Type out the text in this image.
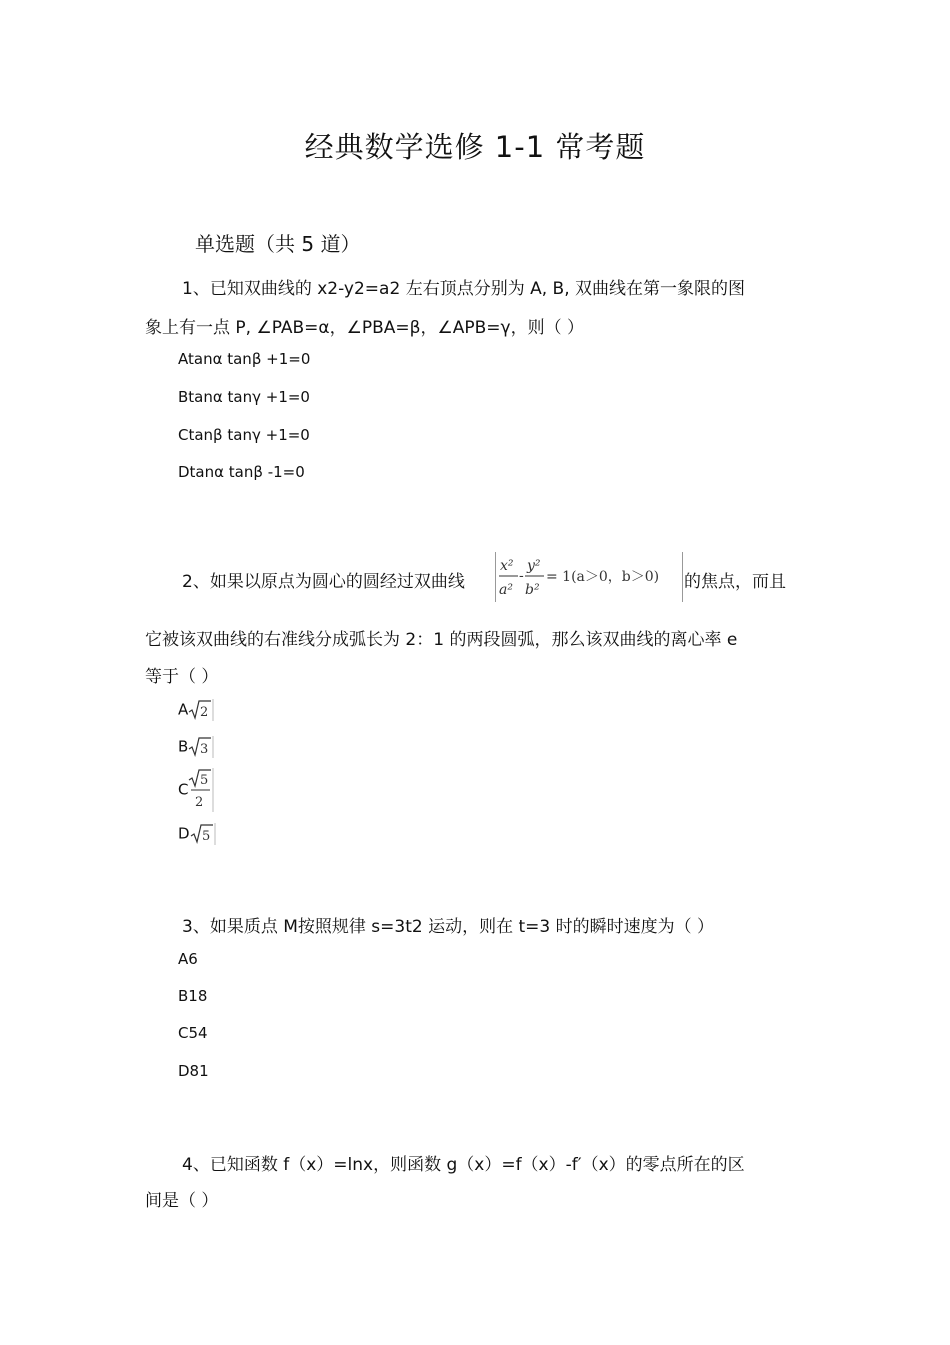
经典数学选修 1-1 常考题
单选题（共 5 道）
1、已知双曲线的 x2-y2=a2 左右顶点分别为 A, B, 双曲线在第一象限的图
象上有一点 P, ∠PAB=α，∠PBA=β，∠APB=γ，则（ ）
Atanα tanβ +1=0
Btanα tanγ +1=0
Ctanβ tanγ +1=0
Dtanα tanβ -1=0
2、如果以原点为圆心的圆经过双曲线
x²
a²
-
y²
b²
= 1(a＞0，b＞0) 的焦点，而且
它被该双曲线的右准线分成弧长为 2：1 的两段圆弧，那么该双曲线的离心率 e
等于（ ）
A 2
B 3
C 5
2
D 5
3、如果质点 M按照规律 s=3t2 运动，则在 t=3 时的瞬时速度为（ ）
A6
B18
C54
D81
4、已知函数 f（x）=lnx，则函数 g（x）=f（x）-f′（x）的零点所在的区
间是（ ）
